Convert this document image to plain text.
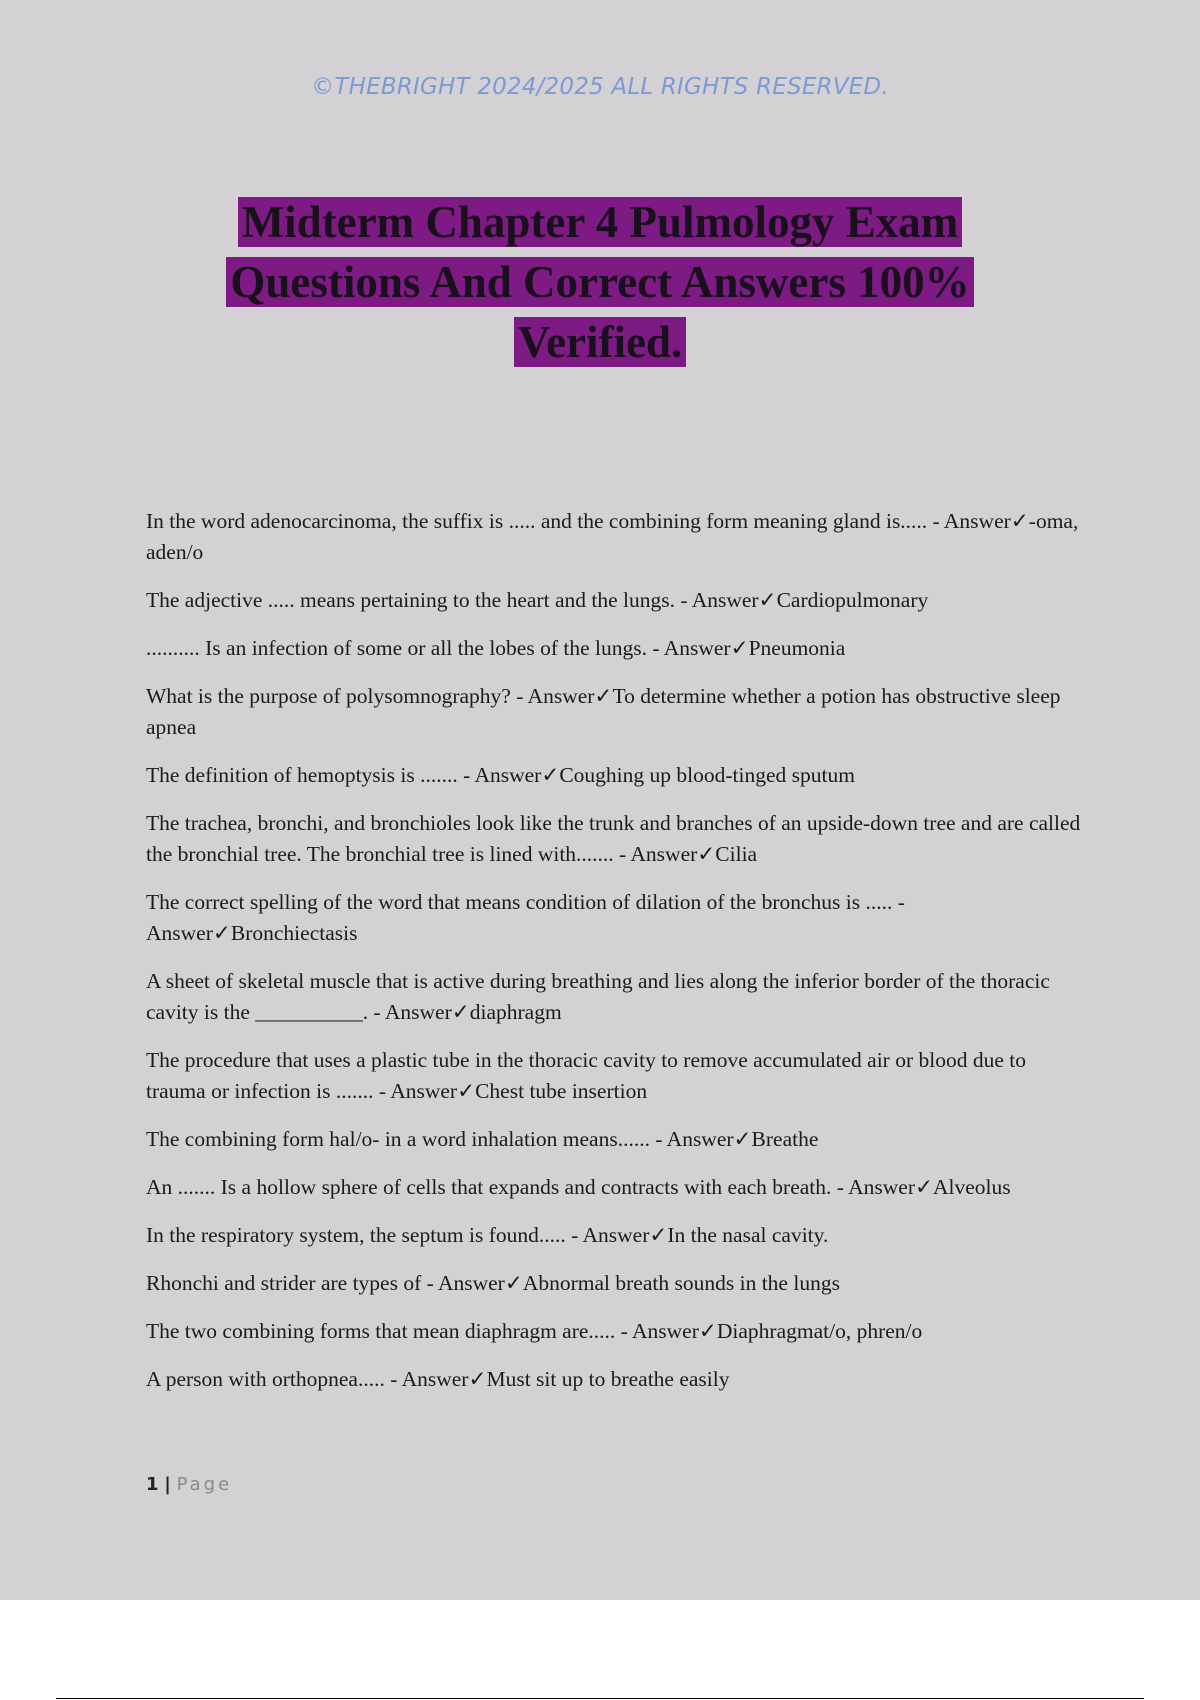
©THEBRIGHT 2024/2025 ALL RIGHTS RESERVED.
Midterm Chapter 4 Pulmology Exam
Questions And Correct Answers 100%
Verified.

In the word adenocarcinoma, the suffix is ..... and the combining form meaning gland is..... - Answer✓-oma, aden/o

The adjective ..... means pertaining to the heart and the lungs. - Answer✓Cardiopulmonary

.......... Is an infection of some or all the lobes of the lungs. - Answer✓Pneumonia

What is the purpose of polysomnography? - Answer✓To determine whether a potion has obstructive sleep apnea

The definition of hemoptysis is ....... - Answer✓Coughing up blood-tinged sputum

The trachea, bronchi, and bronchioles look like the trunk and branches of an upside-down tree and are called the bronchial tree. The bronchial tree is lined with....... - Answer✓Cilia

The correct spelling of the word that means condition of dilation of the bronchus is ..... - Answer✓Bronchiectasis

A sheet of skeletal muscle that is active during breathing and lies along the inferior border of the thoracic cavity is the __________. - Answer✓diaphragm

The procedure that uses a plastic tube in the thoracic cavity to remove accumulated air or blood due to trauma or infection is ....... - Answer✓Chest tube insertion

The combining form hal/o- in a word inhalation means...... - Answer✓Breathe

An ....... Is a hollow sphere of cells that expands and contracts with each breath. - Answer✓Alveolus

In the respiratory system, the septum is found..... - Answer✓In the nasal cavity.

Rhonchi and strider are types of - Answer✓Abnormal breath sounds in the lungs

The two combining forms that mean diaphragm are..... - Answer✓Diaphragmat/o, phren/o

A person with orthopnea..... - Answer✓Must sit up to breathe easily

1 | Page
